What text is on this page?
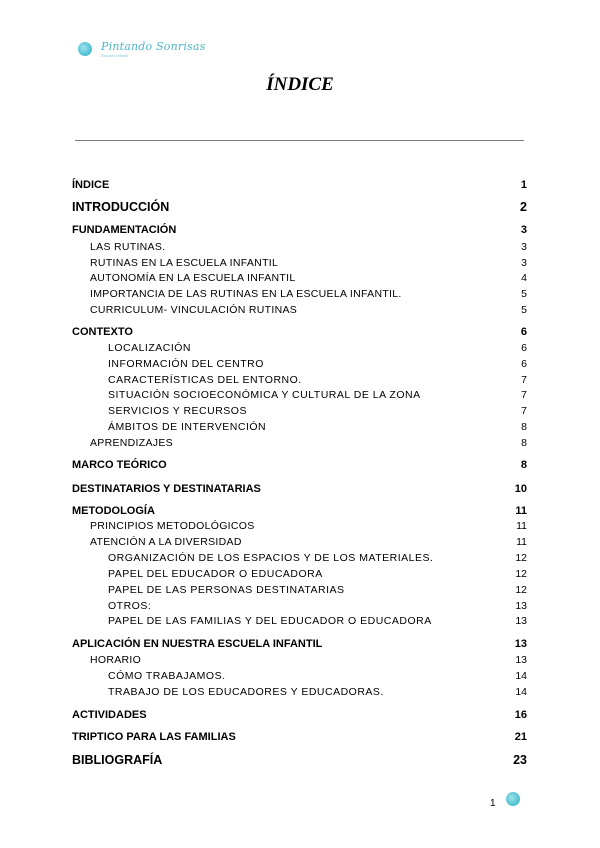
Pintando Sonrisas
Escuela Infantil
ÍNDICE
ÍNDICE	1
INTRODUCCIÓN	2
FUNDAMENTACIÓN	3
LAS RUTINAS.	3
RUTINAS EN LA ESCUELA INFANTIL	3
AUTONOMÍA EN LA ESCUELA INFANTIL	4
IMPORTANCIA DE LAS RUTINAS EN LA ESCUELA INFANTIL.	5
CURRICULUM- VINCULACIÓN RUTINAS	5
CONTEXTO	6
LOCALIZACIÓN	6
INFORMACIÓN DEL CENTRO	6
CARACTERÍSTICAS DEL ENTORNO.	7
SITUACIÓN SOCIOECONÓMICA Y CULTURAL DE LA ZONA	7
SERVICIOS Y RECURSOS	7
ÁMBITOS DE INTERVENCIÓN	8
APRENDIZAJES	8
MARCO TEÓRICO	8
DESTINATARIOS Y DESTINATARIAS	10
METODOLOGÍA	11
PRINCIPIOS METODOLÓGICOS	11
ATENCIÓN A LA DIVERSIDAD	11
ORGANIZACIÓN DE LOS ESPACIOS Y DE LOS MATERIALES.	12
PAPEL DEL EDUCADOR O EDUCADORA	12
PAPEL DE LAS PERSONAS DESTINATARIAS	12
OTROS:	13
PAPEL DE LAS FAMILIAS Y DEL EDUCADOR O EDUCADORA	13
APLICACIÓN EN NUESTRA ESCUELA INFANTIL	13
HORARIO	13
CÓMO TRABAJAMOS.	14
TRABAJO DE LOS EDUCADORES Y EDUCADORAS.	14
ACTIVIDADES	16
TRIPTICO PARA LAS FAMILIAS	21
BIBLIOGRAFÍA	23
1
